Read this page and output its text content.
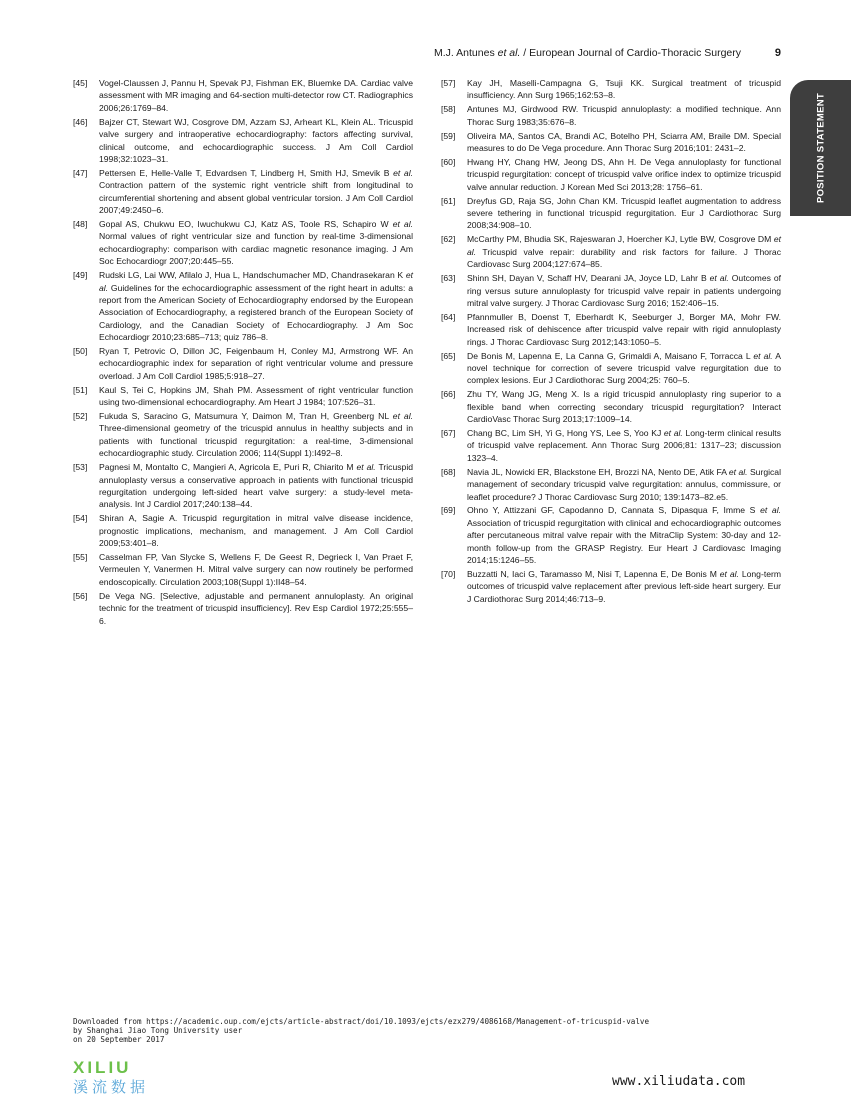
M.J. Antunes et al. / European Journal of Cardio-Thoracic Surgery	9
POSITION STATEMENT
[45]	Vogel-Claussen J, Pannu H, Spevak PJ, Fishman EK, Bluemke DA. Cardiac valve assessment with MR imaging and 64-section multi-detector row CT. Radiographics 2006;26:1769–84.
[46]	Bajzer CT, Stewart WJ, Cosgrove DM, Azzam SJ, Arheart KL, Klein AL. Tricuspid valve surgery and intraoperative echocardiography: factors affecting survival, clinical outcome, and echocardiographic success. J Am Coll Cardiol 1998;32:1023–31.
[47]	Pettersen E, Helle-Valle T, Edvardsen T, Lindberg H, Smith HJ, Smevik B et al. Contraction pattern of the systemic right ventricle shift from longitudinal to circumferential shortening and absent global ventricular torsion. J Am Coll Cardiol 2007;49:2450–6.
[48]	Gopal AS, Chukwu EO, Iwuchukwu CJ, Katz AS, Toole RS, Schapiro W et al. Normal values of right ventricular size and function by real-time 3-dimensional echocardiography: comparison with cardiac magnetic resonance imaging. J Am Soc Echocardiogr 2007;20:445–55.
[49]	Rudski LG, Lai WW, Afilalo J, Hua L, Handschumacher MD, Chandrasekaran K et al. Guidelines for the echocardiographic assessment of the right heart in adults: a report from the American Society of Echocardiography endorsed by the European Association of Echocardiography, a registered branch of the European Society of Cardiology, and the Canadian Society of Echocardiography. J Am Soc Echocardiogr 2010;23:685–713; quiz 786–8.
[50]	Ryan T, Petrovic O, Dillon JC, Feigenbaum H, Conley MJ, Armstrong WF. An echocardiographic index for separation of right ventricular volume and pressure overload. J Am Coll Cardiol 1985;5:918–27.
[51]	Kaul S, Tei C, Hopkins JM, Shah PM. Assessment of right ventricular function using two-dimensional echocardiography. Am Heart J 1984; 107:526–31.
[52]	Fukuda S, Saracino G, Matsumura Y, Daimon M, Tran H, Greenberg NL et al. Three-dimensional geometry of the tricuspid annulus in healthy subjects and in patients with functional tricuspid regurgitation: a real-time, 3-dimensional echocardiographic study. Circulation 2006; 114(Suppl 1):I492–8.
[53]	Pagnesi M, Montalto C, Mangieri A, Agricola E, Puri R, Chiarito M et al. Tricuspid annuloplasty versus a conservative approach in patients with functional tricuspid regurgitation undergoing left-sided heart valve surgery: a study-level meta-analysis. Int J Cardiol 2017;240:138–44.
[54]	Shiran A, Sagie A. Tricuspid regurgitation in mitral valve disease incidence, prognostic implications, mechanism, and management. J Am Coll Cardiol 2009;53:401–8.
[55]	Casselman FP, Van Slycke S, Wellens F, De Geest R, Degrieck I, Van Praet F, Vermeulen Y, Vanermen H. Mitral valve surgery can now routinely be performed endoscopically. Circulation 2003;108(Suppl 1):II48–54.
[56]	De Vega NG. [Selective, adjustable and permanent annuloplasty. An original technic for the treatment of tricuspid insufficiency]. Rev Esp Cardiol 1972;25:555–6.
[57]	Kay JH, Maselli-Campagna G, Tsuji KK. Surgical treatment of tricuspid insufficiency. Ann Surg 1965;162:53–8.
[58]	Antunes MJ, Girdwood RW. Tricuspid annuloplasty: a modified technique. Ann Thorac Surg 1983;35:676–8.
[59]	Oliveira MA, Santos CA, Brandi AC, Botelho PH, Sciarra AM, Braile DM. Special measures to do De Vega procedure. Ann Thorac Surg 2016;101: 2431–2.
[60]	Hwang HY, Chang HW, Jeong DS, Ahn H. De Vega annuloplasty for functional tricuspid regurgitation: concept of tricuspid valve orifice index to optimize tricuspid valve annular reduction. J Korean Med Sci 2013;28: 1756–61.
[61]	Dreyfus GD, Raja SG, John Chan KM. Tricuspid leaflet augmentation to address severe tethering in functional tricuspid regurgitation. Eur J Cardiothorac Surg 2008;34:908–10.
[62]	McCarthy PM, Bhudia SK, Rajeswaran J, Hoercher KJ, Lytle BW, Cosgrove DM et al. Tricuspid valve repair: durability and risk factors for failure. J Thorac Cardiovasc Surg 2004;127:674–85.
[63]	Shinn SH, Dayan V, Schaff HV, Dearani JA, Joyce LD, Lahr B et al. Outcomes of ring versus suture annuloplasty for tricuspid valve repair in patients undergoing mitral valve surgery. J Thorac Cardiovasc Surg 2016; 152:406–15.
[64]	Pfannmuller B, Doenst T, Eberhardt K, Seeburger J, Borger MA, Mohr FW. Increased risk of dehiscence after tricuspid valve repair with rigid annuloplasty rings. J Thorac Cardiovasc Surg 2012;143:1050–5.
[65]	De Bonis M, Lapenna E, La Canna G, Grimaldi A, Maisano F, Torracca L et al. A novel technique for correction of severe tricuspid valve regurgitation due to complex lesions. Eur J Cardiothorac Surg 2004;25: 760–5.
[66]	Zhu TY, Wang JG, Meng X. Is a rigid tricuspid annuloplasty ring superior to a flexible band when correcting secondary tricuspid regurgitation? Interact CardioVasc Thorac Surg 2013;17:1009–14.
[67]	Chang BC, Lim SH, Yi G, Hong YS, Lee S, Yoo KJ et al. Long-term clinical results of tricuspid valve replacement. Ann Thorac Surg 2006;81: 1317–23; discussion 1323–4.
[68]	Navia JL, Nowicki ER, Blackstone EH, Brozzi NA, Nento DE, Atik FA et al. Surgical management of secondary tricuspid valve regurgitation: annulus, commissure, or leaflet procedure? J Thorac Cardiovasc Surg 2010; 139:1473–82.e5.
[69]	Ohno Y, Attizzani GF, Capodanno D, Cannata S, Dipasqua F, Imme S et al. Association of tricuspid regurgitation with clinical and echocardiographic outcomes after percutaneous mitral valve repair with the MitraClip System: 30-day and 12-month follow-up from the GRASP Registry. Eur Heart J Cardiovasc Imaging 2014;15:1246–55.
[70]	Buzzatti N, Iaci G, Taramasso M, Nisi T, Lapenna E, De Bonis M et al. Long-term outcomes of tricuspid valve replacement after previous left-side heart surgery. Eur J Cardiothorac Surg 2014;46:713–9.
Downloaded from https://academic.oup.com/ejcts/article-abstract/doi/10.1093/ejcts/ezx279/4086168/Management-of-tricuspid-valve
by Shanghai Jiao Tong University user
on 20 September 2017
XILIU
溪流数据	www.xiliudata.com
